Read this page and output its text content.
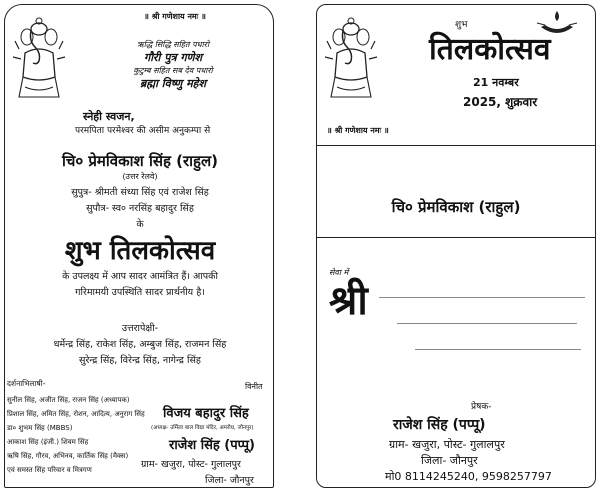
॥ श्री गणेशाय नमः ॥
ऋद्धि सिद्धि सहित पधारो
गौरी पुत्र गणेश
कुटुम्ब सहित सब देव पधारो
ब्रह्मा विष्णु महेश
स्नेही स्वजन,
परमपिता परमेश्वर की असीम अनुकम्पा से
चि० प्रेमविकाश सिंह (राहुल)
(उत्तर रेलवे)
सुपुत्र- श्रीमती संध्या सिंह एवं राजेश सिंह
सुपौत्र- स्व० नरसिंह बहादुर सिंह
के
शुभ तिलकोत्सव
के उपलक्ष्य में आप सादर आमंत्रित हैं। आपकी
गरिमामयी उपस्थिति सादर प्रार्थनीय है।
उत्तरापेक्षी-
धर्मेन्द्र सिंह, राकेश सिंह, अम्बुज सिंह, राजमन सिंह
सुरेन्द्र सिंह, विरेन्द्र सिंह, नागेन्द्र सिंह
दर्शनाभिलाषी-
सुनील सिंह, अजीत सिंह, राजन सिंह (अध्यापक)
प्रिशाल सिंह, अमित सिंह, रोशन, आदित्य, अनुराग सिंह
डा० शुभम सिंह (MBBS)
आकाश सिंह (इंजी.) शिवम सिंह
ऋषि सिंह, गौरव, अभिनव, कार्तिक सिंह (मैक्स)
एवं समस्त सिंह परिवार व मित्रगण
विनीत
विजय बहादुर सिंह
(अध्यक्ष- उर्मिला बाल विद्या मंदिर, अमरौध, जौनपुर)
राजेश सिंह (पप्पू)
ग्राम- खजुरा, पोस्ट- गुलालपुर
जिला- जौनपुर
॥ श्री गणेशाय नमः ॥
शुभ
तिलकोत्सव
21 नवम्बर
2025, शुक्रवार
चि० प्रेमविकाश (राहुल)
सेवा में
श्री
प्रेषक-
राजेश सिंह (पप्पू)
ग्राम- खजुरा, पोस्ट- गुलालपुर
जिला- जौनपुर
मो0 8114245240, 9598257797
